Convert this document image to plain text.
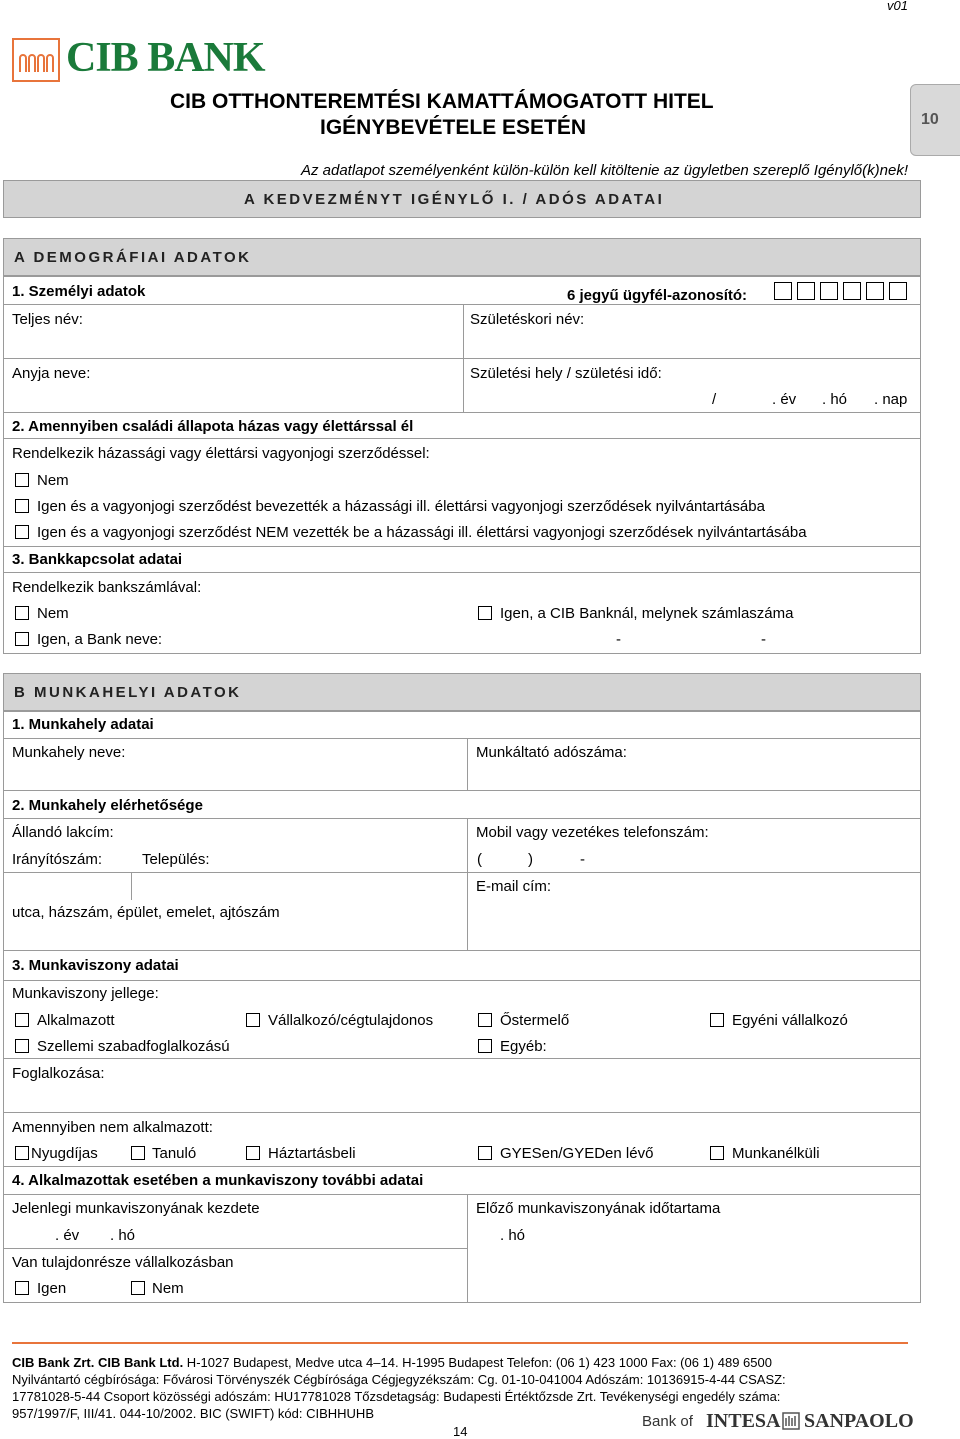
v01
CIB BANK
CIB OTTHONTEREMTÉSI KAMATTÁMOGATOTT HITEL
IGÉNYBEVÉTELE ESETÉN	10
Az adatlapot személyenként külön-külön kell kitöltenie az ügyletben szereplő Igénylő(k)nek!
A KEDVEZMÉNYT IGÉNYLŐ I. / ADÓS ADATAI
A DEMOGRÁFIAI ADATOK
1. Személyi adatok	6 jegyű ügyfél-azonosító:
Teljes név:	Születéskori név:
Anyja neve:	Születési hely / születési idő:
/	. év . hó . nap
2. Amennyiben családi állapota házas vagy élettárssal él
Rendelkezik házassági vagy élettársi vagyonjogi szerződéssel:
Nem
Igen és a vagyonjogi szerződést bevezették a házassági ill. élettársi vagyonjogi szerződések nyilvántartásába
Igen és a vagyonjogi szerződést NEM vezették be a házassági ill. élettársi vagyonjogi szerződések nyilvántartásába
3. Bankkapcsolat adatai
Rendelkezik bankszámlával:
Nem	Igen, a CIB Banknál, melynek számlaszáma
Igen, a Bank neve:	-	-
B MUNKAHELYI ADATOK
1. Munkahely adatai
Munkahely neve:	Munkáltató adószáma:
2. Munkahely elérhetősége
Állandó lakcím:
Irányítószám:	Település:
utca, házszám, épület, emelet, ajtószám
Mobil vagy vezetékes telefonszám:
(	)	-
E-mail cím:
3. Munkaviszony adatai
Munkaviszony jellege:
Alkalmazott	Vállalkozó/cégtulajdonos	Őstermelő	Egyéni vállalkozó
Szellemi szabadfoglalkozású	Egyéb:
Foglalkozása:
Amennyiben nem alkalmazott:
Nyugdíjas	Tanuló	Háztartásbeli	GYESen/GYEDen lévő	Munkanélküli
4. Alkalmazottak esetében a munkaviszony további adatai
Jelenlegi munkaviszonyának kezdete
. év . hó
Előző munkaviszonyának időtartama
. hó
Van tulajdonrésze vállalkozásban
Igen	Nem
CIB Bank Zrt. CIB Bank Ltd. H-1027 Budapest, Medve utca 4–14. H-1995 Budapest Telefon: (06 1) 423 1000 Fax: (06 1) 489 6500
Nyilvántartó cégbírósága: Fővárosi Törvényszék Cégbírósága Cégjegyzékszám: Cg. 01-10-041004 Adószám: 10136915-4-44 CSASZ:
17781028-5-44 Csoport közösségi adószám: HU17781028 Tőzsdetagság: Budapesti Értéktőzsde Zrt. Tevékenységi engedély száma:
957/1997/F, III/41. 044-10/2002. BIC (SWIFT) kód: CIBHHUHB
14
Bank of INTESA SANPAOLO
